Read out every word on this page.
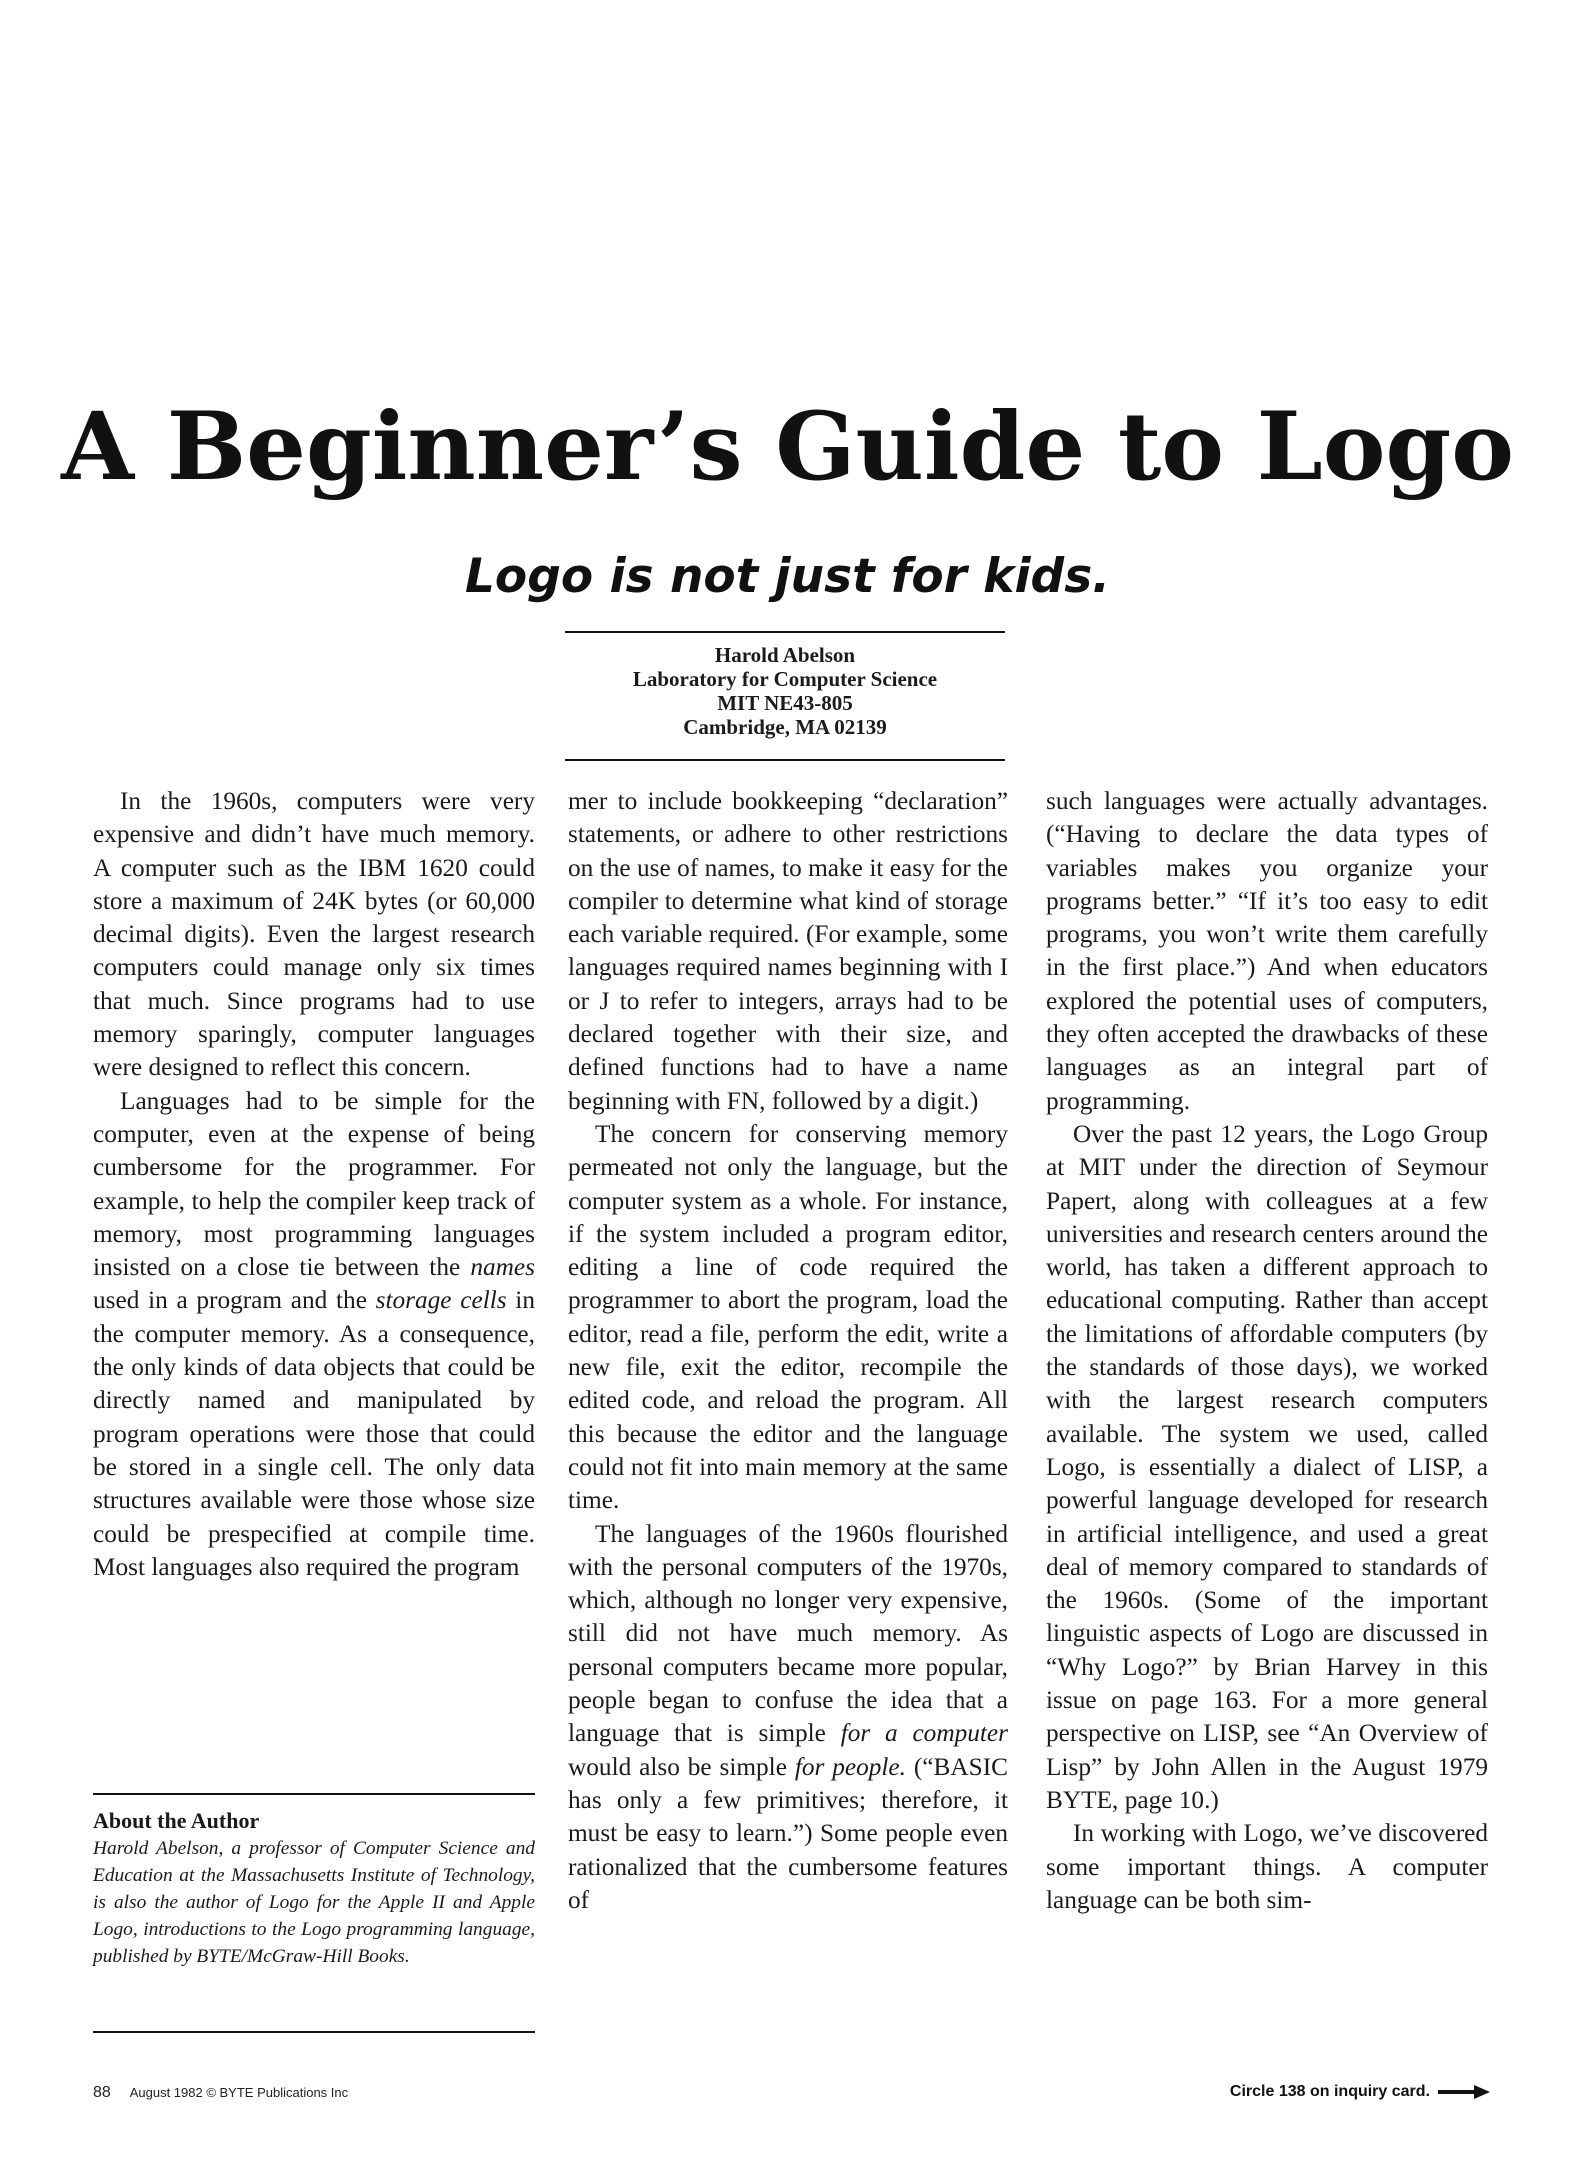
A Beginner’s Guide to Logo
Logo is not just for kids.
Harold Abelson
Laboratory for Computer Science
MIT NE43-805
Cambridge, MA 02139

In the 1960s, computers were very expensive and didn’t have much memory. A computer such as the IBM 1620 could store a maximum of 24K bytes (or 60,000 decimal digits). Even the largest research computers could manage only six times that much. Since programs had to use memory sparingly, computer languages were designed to reflect this concern.

Languages had to be simple for the computer, even at the expense of being cumbersome for the programmer. For example, to help the compiler keep track of memory, most programming languages insisted on a close tie between the names used in a program and the storage cells in the computer memory. As a consequence, the only kinds of data objects that could be directly named and manipulated by program operations were those that could be stored in a single cell. The only data structures available were those whose size could be prespecified at compile time. Most languages also required the program

mer to include bookkeeping “declaration” statements, or adhere to other restrictions on the use of names, to make it easy for the compiler to determine what kind of storage each variable required. (For example, some languages required names beginning with I or J to refer to integers, arrays had to be declared together with their size, and defined functions had to have a name beginning with FN, followed by a digit.)

The concern for conserving memory permeated not only the language, but the computer system as a whole. For instance, if the system included a program editor, editing a line of code required the programmer to abort the program, load the editor, read a file, perform the edit, write a new file, exit the editor, recompile the edited code, and reload the program. All this because the editor and the language could not fit into main memory at the same time.

The languages of the 1960s flourished with the personal computers of the 1970s, which, although no longer very expensive, still did not have much memory. As personal computers became more popular, people began to confuse the idea that a language that is simple for a computer would also be simple for people. (“BASIC has only a few primitives; therefore, it must be easy to learn.”) Some people even rationalized that the cumbersome features of

such languages were actually advantages. (“Having to declare the data types of variables makes you organize your programs better.” “If it’s too easy to edit programs, you won’t write them carefully in the first place.”) And when educators explored the potential uses of computers, they often accepted the drawbacks of these languages as an integral part of programming.

Over the past 12 years, the Logo Group at MIT under the direction of Seymour Papert, along with colleagues at a few universities and research centers around the world, has taken a different approach to educational computing. Rather than accept the limitations of affordable computers (by the standards of those days), we worked with the largest research computers available. The system we used, called Logo, is essentially a dialect of LISP, a powerful language developed for research in artificial intelligence, and used a great deal of memory compared to standards of the 1960s. (Some of the important linguistic aspects of Logo are discussed in “Why Logo?” by Brian Harvey in this issue on page 163. For a more general perspective on LISP, see “An Overview of Lisp” by John Allen in the August 1979 BYTE, page 10.)

In working with Logo, we’ve discovered some important things. A computer language can be both sim-

About the Author

Harold Abelson, a professor of Computer Science and Education at the Massachusetts Institute of Technology, is also the author of Logo for the Apple II and Apple Logo, introductions to the Logo programming language, published by BYTE/McGraw-Hill Books.

88 August 1982 © BYTE Publications Inc	Circle 138 on inquiry card.
